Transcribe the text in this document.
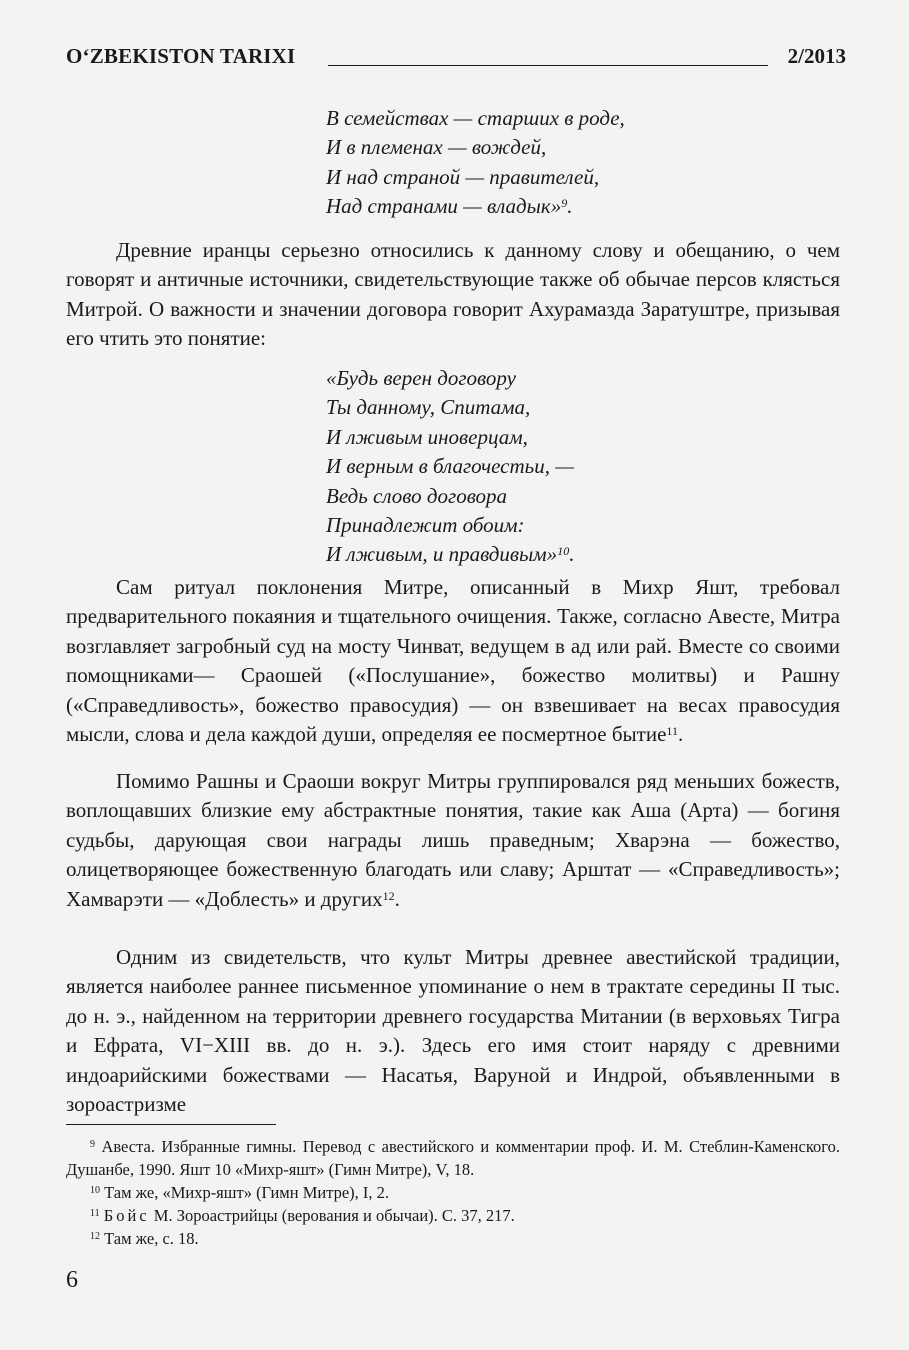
O‘ZBEKISTON TARIXI	2/2013

В семействах — старших в роде,

И в племенах — вождей,

И над страной — правителей,

Над странами — владык»$^9$.

Древние иранцы серьезно относились к данному слову и обещанию, о чем говорят и античные источники, свидетельствующие также об обычае персов клясться Митрой. О важности и значении договора говорит Ахурамазда Заратуштре, призывая его чтить это понятие:

«Будь верен договору

Ты данному, Спитама,

И лживым иноверцам,

И верным в благочестьи, —

Ведь слово договора

Принадлежит обоим:

И лживым, и правдивым»$^{10}$.

Сам ритуал поклонения Митре, описанный в Михр Яшт, требовал предварительного покаяния и тщательного очищения. Также, согласно Авесте, Митра возглавляет загробный суд на мосту Чинват, ведущем в ад или рай. Вместе со своими помощниками— Сраошей («Послушание», божество молитвы) и Рашну («Справедливость», божество правосудия) — он взвешивает на весах правосудия мысли, слова и дела каждой души, определяя ее посмертное бытие$^{11}$.

Помимо Рашны и Сраоши вокруг Митры группировался ряд меньших божеств, воплощавших близкие ему абстрактные понятия, такие как Аша (Арта) — богиня судьбы, дарующая свои награды лишь праведным; Хварэна — божество, олицетворяющее божественную благодать или славу; Арштат — «Справедливость»; Хамварэти — «Доблесть» и других$^{12}$.

Одним из свидетельств, что культ Митры древнее авестийской традиции, является наиболее раннее письменное упоминание о нем в трактате середины II тыс. до н. э., найденном на территории древнего государства Митании (в верховьях Тигра и Ефрата, VI−XIII вв. до н. э.). Здесь его имя стоит наряду с древними индоарийскими божествами — Насатья, Варуной и Индрой, объявленными в зороастризме

$^9$ Авеста. Избранные гимны. Перевод с авестийского и комментарии проф. И. М. Стеблин-Каменского. Душанбе, 1990. Яшт 10 «Михр-яшт» (Гимн Митре), V, 18.

$^{10}$ Там же, «Михр-яшт» (Гимн Митре), I, 2.

$^{11}$ Бойс М. Зороастрийцы (верования и обычаи). С. 37, 217.

$^{12}$ Там же, с. 18.

6
